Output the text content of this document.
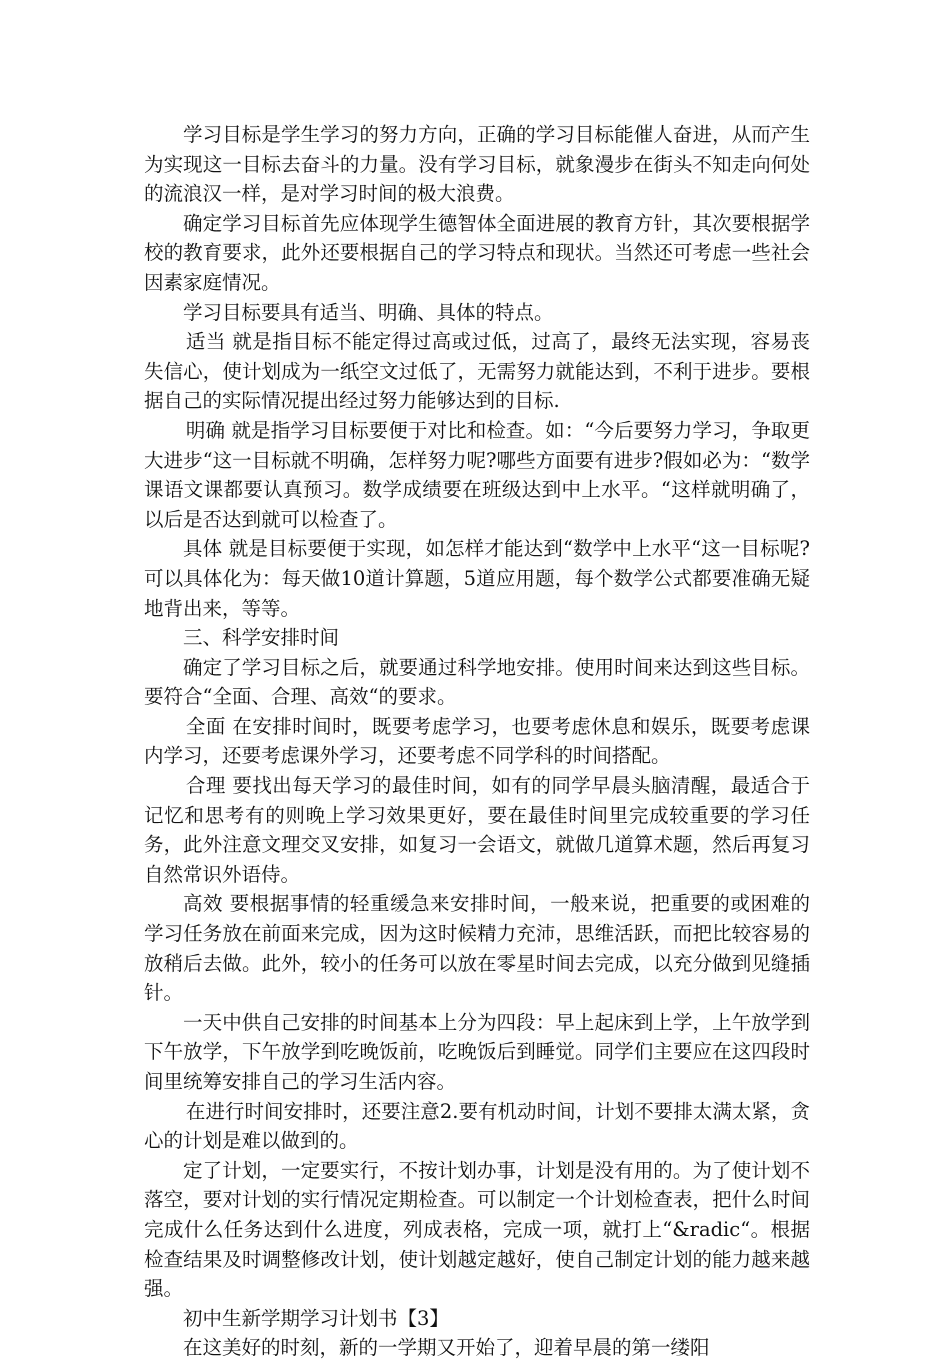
学习目标是学生学习的努力方向，正确的学习目标能催人奋进，从而产生为实现这一目标去奋斗的力量。没有学习目标，就象漫步在街头不知走向何处的流浪汉一样，是对学习时间的极大浪费。

确定学习目标首先应体现学生德智体全面进展的教育方针，其次要根据学校的教育要求，此外还要根据自己的学习特点和现状。当然还可考虑一些社会因素家庭情况。

学习目标要具有适当、明确、具体的特点。

适当 就是指目标不能定得过高或过低，过高了，最终无法实现，容易丧失信心，使计划成为一纸空文过低了，无需努力就能达到，不利于进步。要根据自己的实际情况提出经过努力能够达到的目标.

明确 就是指学习目标要便于对比和检查。如：“今后要努力学习，争取更大进步“这一目标就不明确，怎样努力呢?哪些方面要有进步?假如必为：“数学课语文课都要认真预习。数学成绩要在班级达到中上水平。“这样就明确了，以后是否达到就可以检查了。

具体 就是目标要便于实现，如怎样才能达到“数学中上水平“这一目标呢?可以具体化为：每天做10道计算题，5道应用题，每个数学公式都要准确无疑地背出来，等等。

三、科学安排时间

确定了学习目标之后，就要通过科学地安排。使用时间来达到这些目标。要符合“全面、合理、高效“的要求。

全面 在安排时间时，既要考虑学习，也要考虑休息和娱乐，既要考虑课内学习，还要考虑课外学习，还要考虑不同学科的时间搭配。

合理 要找出每天学习的最佳时间，如有的同学早晨头脑清醒，最适合于记忆和思考有的则晚上学习效果更好，要在最佳时间里完成较重要的学习任务，此外注意文理交叉安排，如复习一会语文，就做几道算术题，然后再复习自然常识外语侍。

高效 要根据事情的轻重缓急来安排时间，一般来说，把重要的或困难的学习任务放在前面来完成，因为这时候精力充沛，思维活跃，而把比较容易的放稍后去做。此外，较小的任务可以放在零星时间去完成，以充分做到见缝插针。

一天中供自己安排的时间基本上分为四段：早上起床到上学，上午放学到下午放学，下午放学到吃晚饭前，吃晚饭后到睡觉。同学们主要应在这四段时间里统筹安排自己的学习生活内容。

在进行时间安排时，还要注意2.要有机动时间，计划不要排太满太紧，贪心的计划是难以做到的。

定了计划，一定要实行，不按计划办事，计划是没有用的。为了使计划不落空，要对计划的实行情况定期检查。可以制定一个计划检查表，把什么时间完成什么任务达到什么进度，列成表格，完成一项，就打上“&radic“。根据检查结果及时调整修改计划，使计划越定越好，使自己制定计划的能力越来越强。

初中生新学期学习计划书【3】

在这美好的时刻，新的一学期又开始了，迎着早晨的第一缕阳
